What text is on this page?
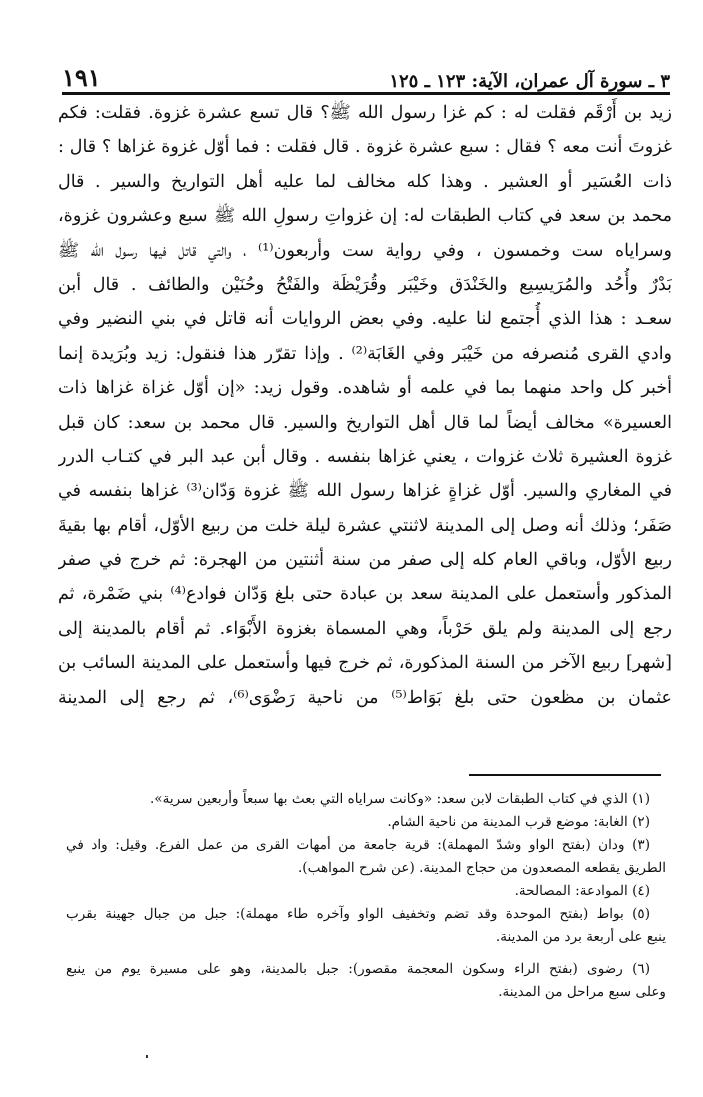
٣ ـ سورة آل عمران، الآية: ١٢٣ ـ ١٢٥
١٩١
زيد بن أَرْقَم فقلت له : كم غزا رسول الله ﷺ؟ قال تسع عشرة غزوة. فقلت: فكم
غزوتَ أنت معه ؟ فقال : سبع عشرة غزوة . قال فقلت : فما أوّل غزوة غزاها ؟ قال :
ذات العُسَير أو العشير . وهذا كله مخالف لما عليه أهل التواريخ والسير . قال
محمد بن سعد في كتاب الطبقات له: إن غزواتِ رسولِ الله ﷺ سبع وعشرون غزوة،
وسراياه ست وخمسون ، وفي رواية ست وأربعون⁽¹⁾ ، والتي قاتل فيها رسول الله ﷺ
بَدْرٌ وأُحُد والمُرَيسِيع والخَنْدَق وخَيْبَر وقُرَيْظَة والفَتْحُ وحُنَيْن والطائف . قال أبن
سعـد : هذا الذي أُجتمع لنا عليه. وفي بعض الروايات أنه قاتل في بني النضير وفي
وادي القرى مُنصرفه من خَيْبَر وفي الغَابَة⁽²⁾ . وإذا تقرّر هذا فنقول: زيد وبُرَيدة إنما
أخبر كل واحد منهما بما في علمه أو شاهده. وقول زيد: «إن أوّل غزاة غزاها ذات
العسيرة» مخالف أيضاً لما قال أهل التواريخ والسير. قال محمد بن سعد: كان قبل
غزوة العشيرة ثلاث غزوات ، يعني غزاها بنفسه . وقال أبن عبد البر في كتـاب الدرر
في المغاري والسير. أوّل غزاةٍ غزاها رسول الله ﷺ غزوة وَدّان⁽³⁾ غزاها بنفسه في
صَفَر؛ وذلك أنه وصل إلى المدينة لاثنتي عشرة ليلة خلت من ربيع الأوّل، أقام بها بقيةَ
ربيع الأوّل، وباقي العام كله إلى صفر من سنة أثنتين من الهجرة: ثم خرج في صفر
المذكور وأستعمل على المدينة سعد بن عبادة حتى بلغ وَدّان فوادع⁽⁴⁾ بني ضَمْرة، ثم
رجع إلى المدينة ولم يلق حَرْباً، وهي المسماة بغزوة الأَبْوَاء. ثم أقام بالمدينة إلى
[شهر] ربيع الآخر من السنة المذكورة، ثم خرج فيها وأستعمل على المدينة السائب بن
عثمان بن مظعون حتى بلغ بَوَاط⁽⁵⁾ من ناحية رَضْوَى⁽⁶⁾، ثم رجع إلى المدينة
(١) الذي في كتاب الطبقات لابن سعد: «وكانت سراياه التي بعث بها سبعاً وأربعين سرية».
(٢) الغابة: موضع قرب المدينة من ناحية الشام.
(٣) ودان (بفتح الواو وشدّ المهملة): قرية جامعة من أمهات القرى من عمل الفرع. وقيل: واد في
الطريق يقطعه المصعدون من حجاج المدينة. (عن شرح المواهب).
(٤) الموادعة: المصالحة.
(٥) بواط (بفتح الموحدة وقد تضم وتخفيف الواو وآخره طاء مهملة): جبل من جبال جهينة بقرب
ينبع على أربعة برد من المدينة.
(٦) رضوى (بفتح الراء وسكون المعجمة مقصور): جبل بالمدينة، وهو على مسيرة يوم من ينبع
وعلى سبع مراحل من المدينة.
